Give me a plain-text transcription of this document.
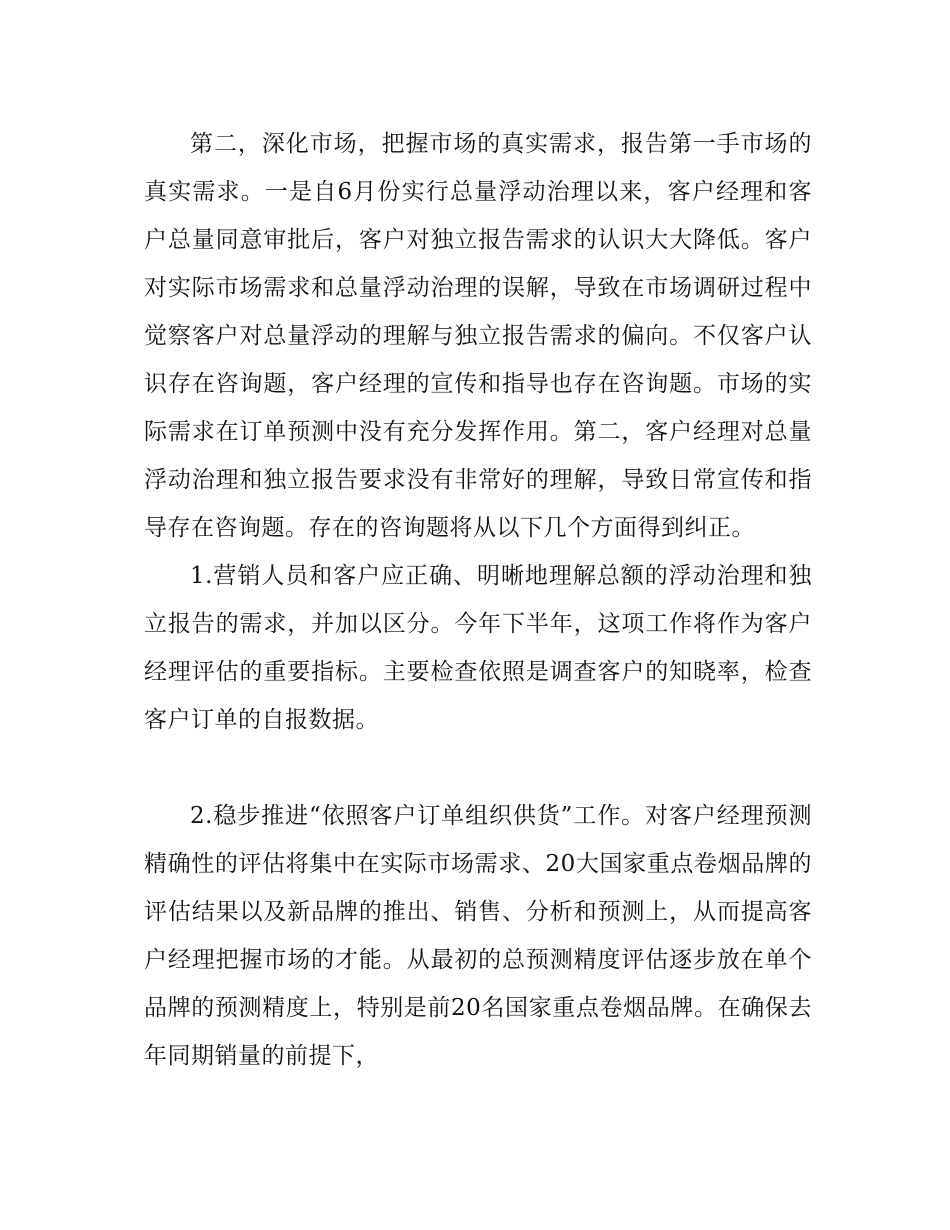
第二，深化市场，把握市场的真实需求，报告第一手市场的真实需求。一是自6月份实行总量浮动治理以来，客户经理和客户总量同意审批后，客户对独立报告需求的认识大大降低。客户对实际市场需求和总量浮动治理的误解，导致在市场调研过程中觉察客户对总量浮动的理解与独立报告需求的偏向。不仅客户认识存在咨询题，客户经理的宣传和指导也存在咨询题。市场的实际需求在订单预测中没有充分发挥作用。第二，客户经理对总量浮动治理和独立报告要求没有非常好的理解，导致日常宣传和指导存在咨询题。存在的咨询题将从以下几个方面得到纠正。

1.营销人员和客户应正确、明晰地理解总额的浮动治理和独立报告的需求，并加以区分。今年下半年，这项工作将作为客户经理评估的重要指标。主要检查依照是调查客户的知晓率，检查客户订单的自报数据。

2.稳步推进“依照客户订单组织供货”工作。对客户经理预测精确性的评估将集中在实际市场需求、20大国家重点卷烟品牌的评估结果以及新品牌的推出、销售、分析和预测上，从而提高客户经理把握市场的才能。从最初的总预测精度评估逐步放在单个品牌的预测精度上，特别是前20名国家重点卷烟品牌。在确保去年同期销量的前提下，
